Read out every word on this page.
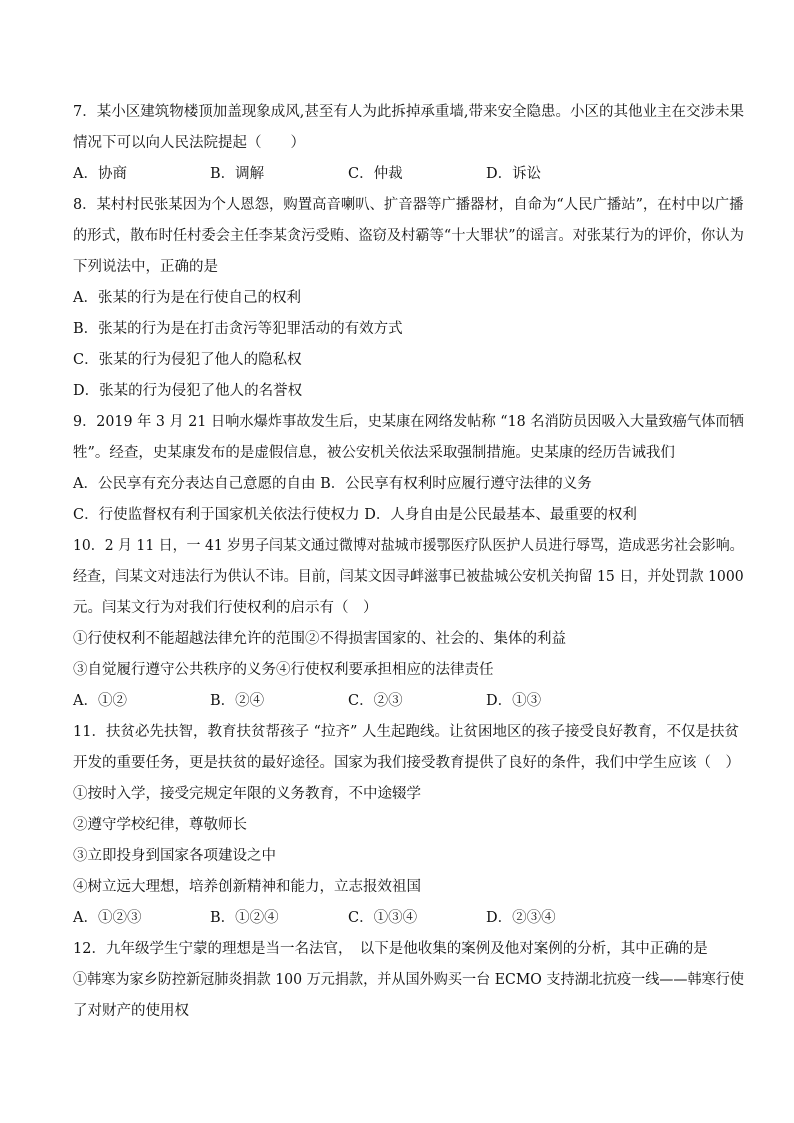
7．某小区建筑物楼顶加盖现象成风,甚至有人为此拆掉承重墙,带来安全隐患。小区的其他业主在交涉未果
情况下可以向人民法院提起（　　）
A．协商	B．调解	C．仲裁	D．诉讼
8．某村村民张某因为个人恩怨，购置高音喇叭、扩音器等广播器材，自命为“人民广播站”，在村中以广播
的形式，散布时任村委会主任李某贪污受贿、盗窃及村霸等“十大罪状”的谣言。对张某行为的评价，你认为
下列说法中，正确的是
A．张某的行为是在行使自己的权利
B．张某的行为是在打击贪污等犯罪活动的有效方式
C．张某的行为侵犯了他人的隐私权
D．张某的行为侵犯了他人的名誉权
9．2019 年 3 月 21 日响水爆炸事故发生后，史某康在网络发帖称 “18 名消防员因吸入大量致癌气体而牺
牲”。经查，史某康发布的是虚假信息，被公安机关依法采取强制措施。史某康的经历告诫我们
A．公民享有充分表达自己意愿的自由 B．公民享有权利时应履行遵守法律的义务
C．行使监督权有利于国家机关依法行使权力 D．人身自由是公民最基本、最重要的权利
10．2 月 11 日，一 41 岁男子闫某文通过微博对盐城市援鄂医疗队医护人员进行辱骂，造成恶劣社会影响。
经查，闫某文对违法行为供认不讳。目前，闫某文因寻衅滋事已被盐城公安机关拘留 15 日，并处罚款 1000
元。闫某文行为对我们行使权利的启示有（　）
①行使权利不能超越法律允许的范围②不得损害国家的、社会的、集体的利益
③自觉履行遵守公共秩序的义务④行使权利要承担相应的法律责任
A．①②	B．②④	C．②③	D．①③
11．扶贫必先扶智，教育扶贫帮孩子 “拉齐” 人生起跑线。让贫困地区的孩子接受良好教育，不仅是扶贫
开发的重要任务，更是扶贫的最好途径。国家为我们接受教育提供了良好的条件，我们中学生应该（　）
①按时入学，接受完规定年限的义务教育，不中途辍学
②遵守学校纪律，尊敬师长
③立即投身到国家各项建设之中
④树立远大理想，培养创新精神和能力，立志报效祖国
A．①②③	B．①②④	C．①③④	D．②③④
12．九年级学生宁蒙的理想是当一名法官，　以下是他收集的案例及他对案例的分析，其中正确的是
①韩寒为家乡防控新冠肺炎捐款 100 万元捐款，并从国外购买一台 ECMO 支持湖北抗疫一线——韩寒行使
了对财产的使用权
